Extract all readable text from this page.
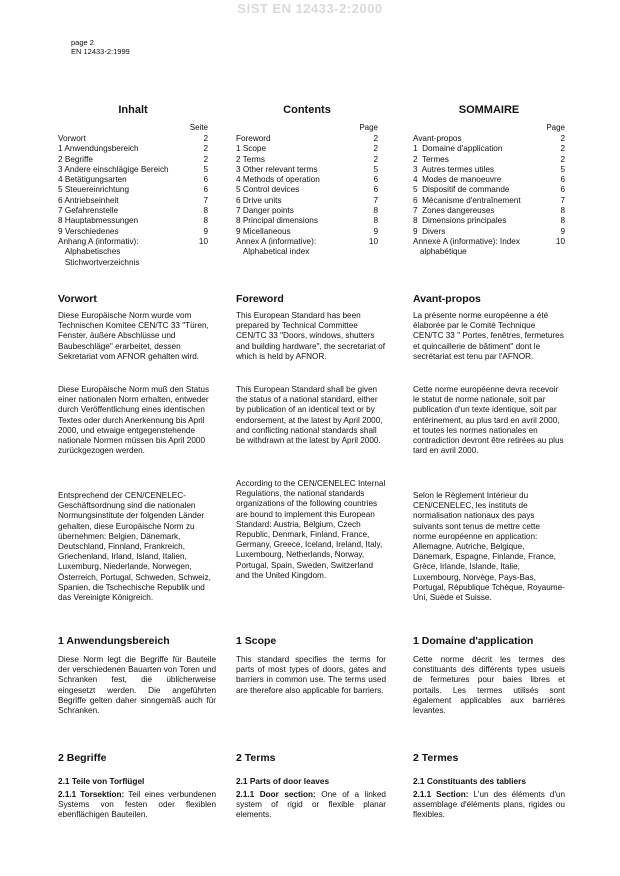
SIST EN 12433-2:2000
page 2
EN 12433-2:1999
Inhalt
Seite
Vorwort	2
1 Anwendungsbereich	2
2 Begriffe	2
3 Andere einschlägige Bereich	5
4 Betätigungsarten	6
5 Steuereinrichtung	6
6 Antriebseinheit	7
7 Gefahrenstelle	8
8 Hauptabmessungen	8
9 Verschiedenes	9
Anhang A (informativ):	10
Alphabetisches
Stichwortverzeichnis
Contents
Page
Foreword	2
1 Scope	2
2 Terms	2
3 Other relevant terms	5
4 Methods of operation	6
5 Control devices	6
6 Drive units	7
7 Danger points	8
8 Principal dimensions	8
9 Micellaneous	9
Annex A (informative):	10
Alphabetical index
SOMMAIRE
Page
Avant-propos	2
1  Domaine d'application	2
2  Termes	2
3  Autres termes utiles	5
4  Modes de manoeuvre	6
5  Dispositif de commande	6
6  Mécanisme d'entraînement	7
7  Zones dangereuses	8
8  Dimensions principales	8
9  Divers	9
Annexe A (informative): Index	10
alphabétique
Vorwort

Diese Europäische Norm wurde vom Technischen Komitee CEN/TC 33 "Türen, Fenster, äußere Abschlüsse und Baubeschläge" erarbeitet, dessen Sekretariat vom AFNOR gehalten wird.

Diese Europäische Norm muß den Status einer nationalen Norm erhalten, entweder durch Veröffentlichung eines identischen Textes oder durch Anerkennung bis April 2000, und etwaige entgegenstehende nationale Normen müssen bis April 2000 zurückgezogen werden.

Entsprechend der CEN/CENELEC-Geschäftsordnung sind die nationalen Normungsinstitute der folgenden Länder gehalten, diese Europäische Norm zu übernehmen: Belgien, Dänemark, Deutschland, Finnland, Frankreich, Griechenland, Irland, Island, Italien, Luxemburg, Niederlande, Norwegen, Österreich, Portugal, Schweden, Schweiz, Spanien, die Tschechische Republik und das Vereinigte Königreich.

1 Anwendungsbereich

Diese Norm legt die Begriffe für Bauteile der verschiedenen Bauarten von Toren und Schranken fest, die üblicherweise eingesetzt werden. Die angeführten Begriffe gelten daher sinngemäß auch für Schranken.

2 Begriffe
2.1 Teile von Torflügel

2.1.1 Torsektion: Teil eines verbundenen Systems von festen oder flexiblen ebenflächigen Bauteilen.

Foreword

This European Standard has been prepared by Technical Committee CEN/TC 33 "Doors, windows, shutters and building hardware", the secretariat of which is held by AFNOR.

This European Standard shall be given the status of a national standard, either by publication of an identical text or by endorsement, at the latest by April 2000, and conflicting national standards shall be withdrawn at the latest by April 2000.

According to the CEN/CENELEC Internal Regulations, the national standards organizations of the following countries are bound to implement this European Standard: Austria, Belgium, Czech Republic, Denmark, Finland, France, Germany, Greece, Iceland, Ireland, Italy, Luxembourg, Netherlands, Norway, Portugal, Spain, Sweden, Switzerland and the United Kingdom.

1 Scope

This standard specifies the terms for parts of most types of doors, gates and barriers in common use. The terms used are therefore also applicable for barriers.

2 Terms
2.1 Parts of door leaves

2.1.1 Door section: One of a linked system of rigid or flexible planar elements.

Avant-propos

La présente norme européenne a été élaborée par le Comité Technique CEN/TC 33 " Portes, fenêtres, fermetures et quincaillerie de bâtiment" dont le secrétariat est tenu par l'AFNOR.

Cette norme européenne devra recevoir le statut de norme nationale, soit par publication d'un texte identique, soit par entérinement, au plus tard en avril 2000, et toutes les normes nationales en contradiction devront être retirées au plus tard en avril 2000.

Selon le Règlement Intérieur du CEN/CENELEC, les instituts de normalisation nationaux des pays suivants sont tenus de mettre cette norme européenne en application: Allemagne, Autriche, Belgique, Danemark, Espagne, Finlande, France, Grèce, Irlande, Islande, Italie, Luxembourg, Norvège, Pays-Bas, Portugal, République Tchèque, Royaume-Uni, Suède et Suisse.

1 Domaine d'application

Cette norme décrit les termes des constituants des différents types usuels de fermetures pour baies libres et portails. Les termes utilisés sont également applicables aux barrières levantes.

2 Termes
2.1 Constituants des tabliers

2.1.1 Section: L'un des éléments d'un assemblage d'éléments plans, rigides ou flexibles.
